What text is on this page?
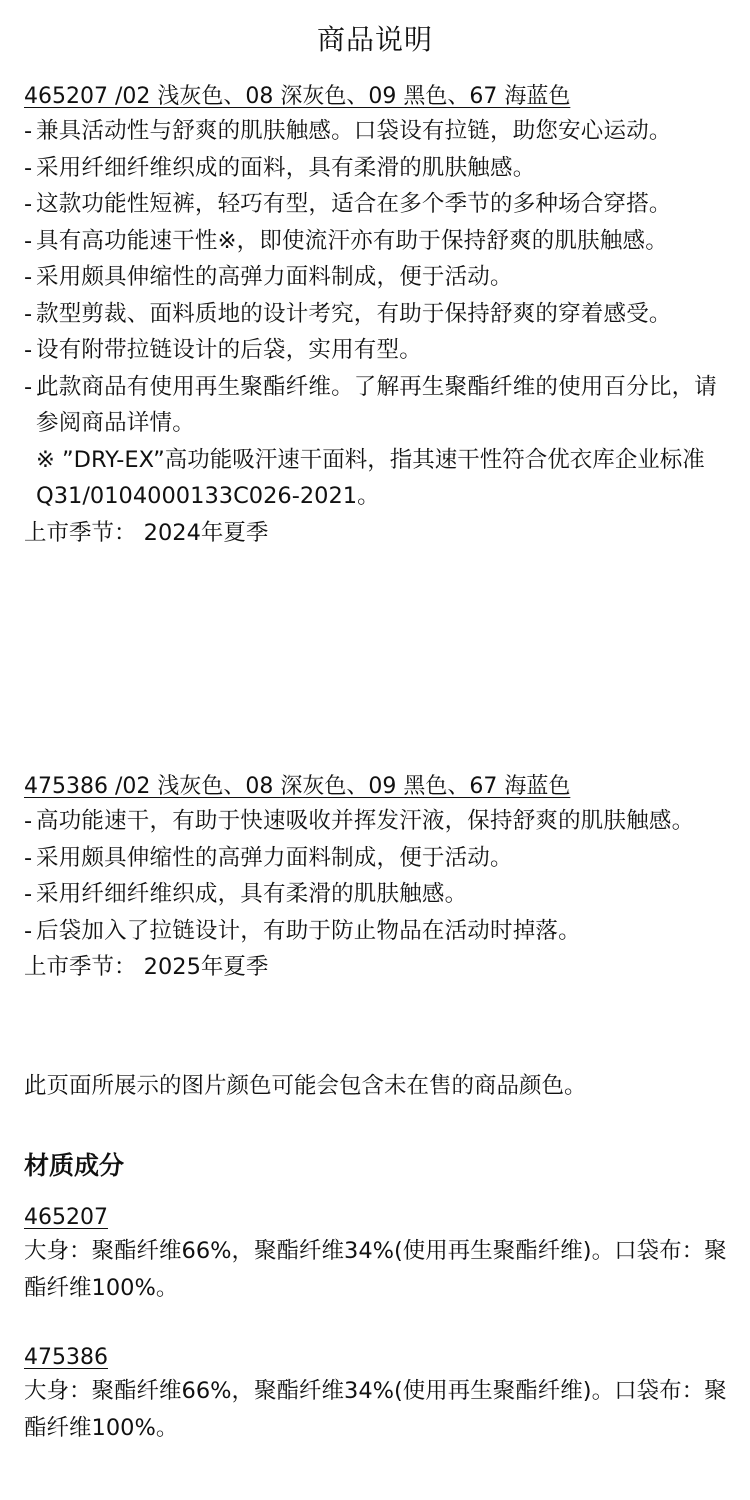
商品说明
465207 /02 浅灰色、08 深灰色、09 黑色、67 海蓝色
- 兼具活动性与舒爽的肌肤触感。口袋设有拉链，助您安心运动。
- 采用纤细纤维织成的面料，具有柔滑的肌肤触感。
- 这款功能性短裤，轻巧有型，适合在多个季节的多种场合穿搭。
- 具有高功能速干性※，即使流汗亦有助于保持舒爽的肌肤触感。
- 采用颇具伸缩性的高弹力面料制成，便于活动。
- 款型剪裁、面料质地的设计考究，有助于保持舒爽的穿着感受。
- 设有附带拉链设计的后袋，实用有型。
- 此款商品有使用再生聚酯纤维。了解再生聚酯纤维的使用百分比，请参阅商品详情。
※ ”DRY-EX”高功能吸汗速干面料，指其速干性符合优衣库企业标准Q31/0104000133C026-2021。
上市季节： 2024年夏季
475386 /02 浅灰色、08 深灰色、09 黑色、67 海蓝色
- 高功能速干，有助于快速吸收并挥发汗液，保持舒爽的肌肤触感。
- 采用颇具伸缩性的高弹力面料制成，便于活动。
- 采用纤细纤维织成，具有柔滑的肌肤触感。
- 后袋加入了拉链设计，有助于防止物品在活动时掉落。
上市季节： 2025年夏季
此页面所展示的图片颜色可能会包含未在售的商品颜色。
材质成分
465207
大身：聚酯纤维66%，聚酯纤维34%(使用再生聚酯纤维)。口袋布：聚酯纤维100%。
475386
大身：聚酯纤维66%，聚酯纤维34%(使用再生聚酯纤维)。口袋布：聚酯纤维100%。
